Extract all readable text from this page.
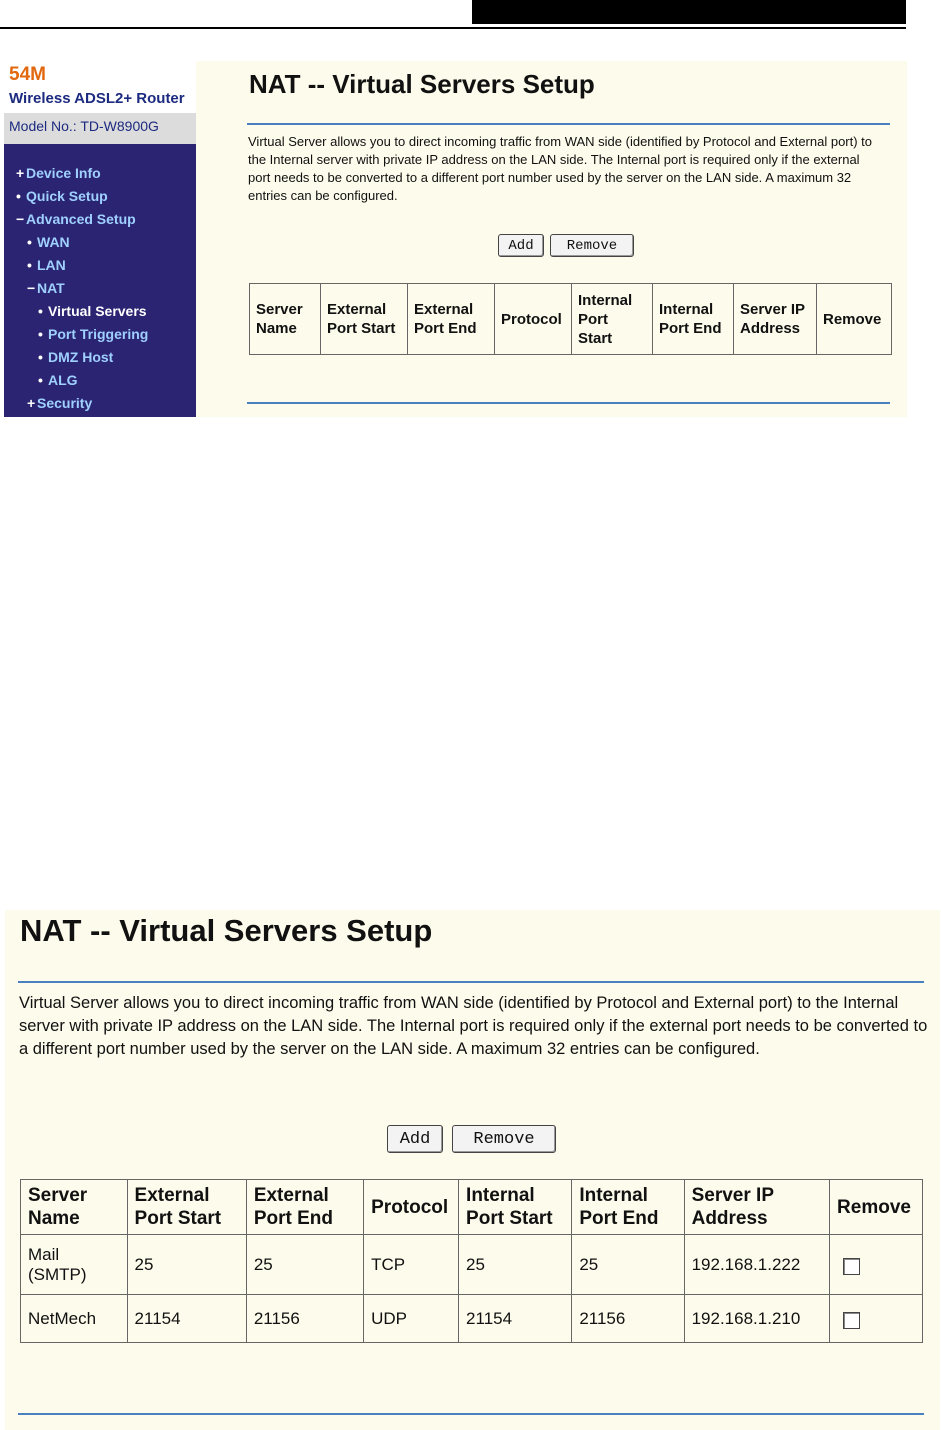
54M
Wireless ADSL2+ Router
Model No.: TD-W8900G
+ Device Info
• Quick Setup
− Advanced Setup
• WAN
• LAN
− NAT
• Virtual Servers
• Port Triggering
• DMZ Host
• ALG
+ Security
NAT -- Virtual Servers Setup
Virtual Server allows you to direct incoming traffic from WAN side (identified by Protocol and External port) to the Internal server with private IP address on the LAN side. The Internal port is required only if the external port needs to be converted to a different port number used by the server on the LAN side. A maximum 32 entries can be configured.
Add	Remove
Server Name	External Port Start	External Port End	Protocol	Internal Port Start	Internal Port End	Server IP Address	Remove
NAT -- Virtual Servers Setup
Virtual Server allows you to direct incoming traffic from WAN side (identified by Protocol and External port) to the Internal server with private IP address on the LAN side. The Internal port is required only if the external port needs to be converted to a different port number used by the server on the LAN side. A maximum 32 entries can be configured.
Add	Remove
Server Name	External Port Start	External Port End	Protocol	Internal Port Start	Internal Port End	Server IP Address	Remove
Mail (SMTP)	25	25	TCP	25	25	192.168.1.222	
NetMech	21154	21156	UDP	21154	21156	192.168.1.210	
